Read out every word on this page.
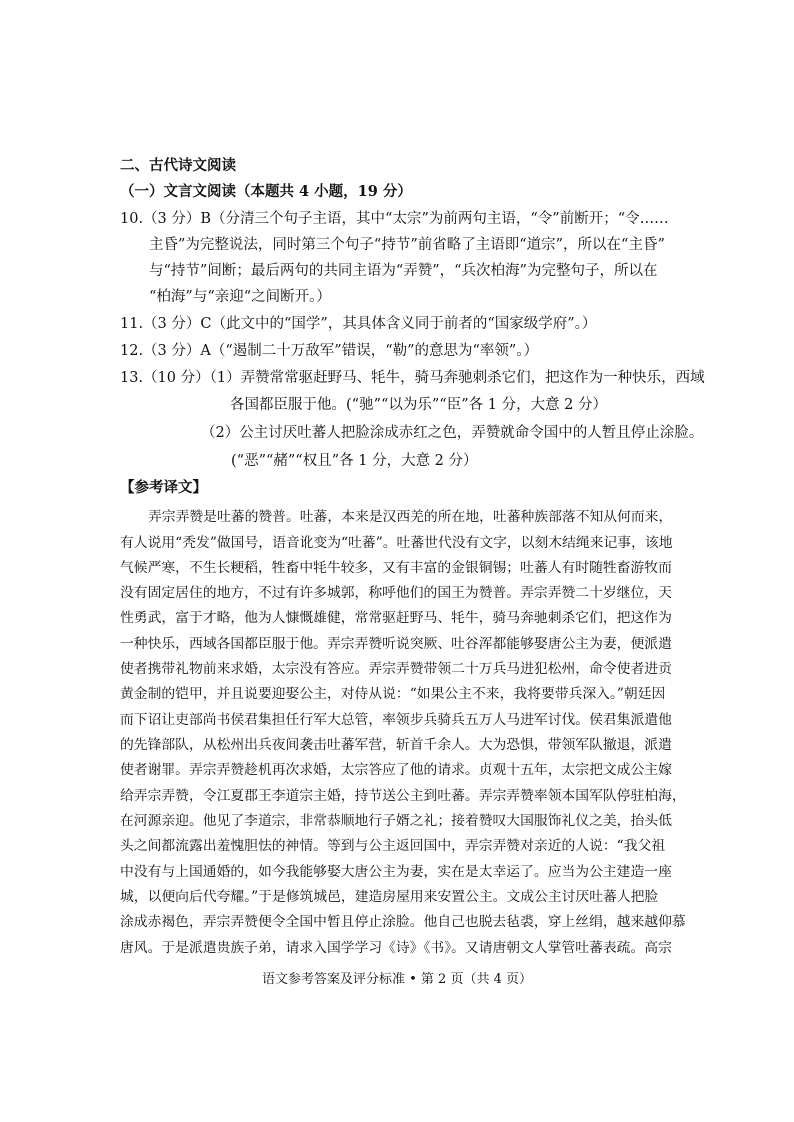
二、古代诗文阅读
（一）文言文阅读（本题共 4 小题，19 分）
10.（3 分）B（分清三个句子主语，其中“太宗”为前两句主语，“令”前断开；“令……
主昏”为完整说法，同时第三个句子“持节”前省略了主语即“道宗”，所以在“主昏”
与“持节”间断；最后两句的共同主语为“弄赞”，“兵次柏海”为完整句子，所以在
“柏海”与“亲迎“之间断开。）
11.（3 分）C（此文中的“国学”，其具体含义同于前者的“国家级学府”。）
12.（3 分）A（“遏制二十万敌军”错误，“勒”的意思为“率领”。）
13.（10 分）（1）弄赞常常驱赶野马、牦牛，骑马奔驰刺杀它们，把这作为一种快乐，西域
各国都臣服于他。(“驰”“以为乐”“臣”各 1 分，大意 2 分）
（2）公主讨厌吐蕃人把脸涂成赤红之色，弄赞就命令国中的人暂且停止涂脸。
(“恶”“赭”“权且”各 1 分，大意 2 分）
【参考译文】
弄宗弄赞是吐蕃的赞普。吐蕃，本来是汉西羌的所在地，吐蕃种族部落不知从何而来，
有人说用“秃发”做国号，语音讹变为“吐蕃”。吐蕃世代没有文字，以刻木结绳来记事，该地
气候严寒，不生长粳稻，牲畜中牦牛较多，又有丰富的金银铜锡；吐蕃人有时随牲畜游牧而
没有固定居住的地方，不过有许多城郭，称呼他们的国王为赞普。弄宗弄赞二十岁继位，天
性勇武，富于才略，他为人慷慨雄健，常常驱赶野马、牦牛，骑马奔驰刺杀它们，把这作为
一种快乐，西域各国都臣服于他。弄宗弄赞听说突厥、吐谷浑都能够娶唐公主为妻，便派遣
使者携带礼物前来求婚，太宗没有答应。弄宗弄赞带领二十万兵马进犯松州，命令使者进贡
黄金制的铠甲，并且说要迎娶公主，对侍从说：“如果公主不来，我将要带兵深入。”朝廷因
而下诏让吏部尚书侯君集担任行军大总管，率领步兵骑兵五万人马进军讨伐。侯君集派遣他
的先锋部队，从松州出兵夜间袭击吐蕃军营，斩首千余人。大为恐惧，带领军队撤退，派遣
使者谢罪。弄宗弄赞趁机再次求婚，太宗答应了他的请求。贞观十五年，太宗把文成公主嫁
给弄宗弄赞，令江夏郡王李道宗主婚，持节送公主到吐蕃。弄宗弄赞率领本国军队停驻柏海，
在河源亲迎。他见了李道宗，非常恭顺地行子婿之礼；接着赞叹大国服饰礼仪之美，抬头低
头之间都流露出羞愧胆怯的神情。等到与公主返回国中，弄宗弄赞对亲近的人说：“我父祖
中没有与上国通婚的，如今我能够娶大唐公主为妻，实在是太幸运了。应当为公主建造一座
城，以便向后代夸耀。”于是修筑城邑，建造房屋用来安置公主。文成公主讨厌吐蕃人把脸
涂成赤褐色，弄宗弄赞便令全国中暂且停止涂脸。他自己也脱去毡裘，穿上丝绢，越来越仰慕
唐风。于是派遣贵族子弟，请求入国学学习《诗》《书》。又请唐朝文人掌管吐蕃表疏。高宗
语文参考答案及评分标准 • 第 2 页（共 4 页）
